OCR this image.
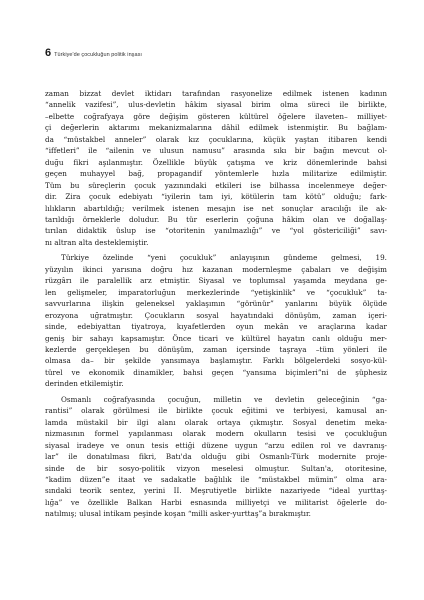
6 Türkiye'de çocukluğun politik inşası
zaman bizzat devlet iktidarı tarafından rasyonelize edilmek istenen kadının
“annelik vazifesi”, ulus-devletin hâkim siyasal birim olma süreci ile birlikte,
–elbette coğrafyaya göre değişim gösteren kültürel öğelere ilaveten– milliyet-
çi değerlerin aktarımı mekanizmalarına dâhil edilmek istenmiştir. Bu bağlam-
da “müstakbel anneler” olarak kız çocuklarına, küçük yaştan itibaren kendi
“iffetleri” ile “ailenin ve ulusun namusu” arasında sıkı bir bağın mevcut ol-
duğu fikri aşılanmıştır. Özellikle büyük çatışma ve kriz dönemlerinde bahsi
geçen muhayyel bağ, propagandif yöntemlerle hızla militarize edilmiştir.
Tüm bu süreçlerin çocuk yazınındaki etkileri ise bilhassa incelenmeye değer-
dir. Zira çocuk edebiyatı “iyilerin tam iyi, kötülerin tam kötü” olduğu; fark-
lılıkların abartıldığı; verilmek istenen mesajın ise net sonuçlar aracılığı ile ak-
tarıldığı örneklerle doludur. Bu tür eserlerin çoğuna hâkim olan ve doğallaş-
tırılan didaktik üslup ise “otoritenin yanılmazlığı” ve “yol göstericiliği” savı-
nı altran alta desteklemiştir.
Türkiye özelinde “yeni çocukluk” anlayışının gündeme gelmesi, 19.
yüzyılın ikinci yarısına doğru hız kazanan modernleşme çabaları ve değişim
rüzgârı ile paralellik arz etmiştir. Siyasal ve toplumsal yaşamda meydana ge-
len gelişmeler, imparatorluğun merkezlerinde “yetişkinlik” ve “çocukluk” ta-
savvurlarına ilişkin geleneksel yaklaşımın “görünür” yanlarını büyük ölçüde
erozyona uğratmıştır. Çocukların sosyal hayatındaki dönüşüm, zaman içeri-
sinde, edebiyattan tiyatroya, kıyafetlerden oyun mekân ve araçlarına kadar
geniş bir sahayı kapsamıştır. Önce ticari ve kültürel hayatın canlı olduğu mer-
kezlerde gerçekleşen bu dönüşüm, zaman içersinde taşraya –tüm yönleri ile
olmasa da– bir şekilde yansımaya başlamıştır. Farklı bölgelerdeki sosyo-kül-
türel ve ekonomik dinamikler, bahsi geçen “yansıma biçimleri”ni de şüphesiz
derinden etkilemiştir.
Osmanlı coğrafyasında çocuğun, milletin ve devletin geleceğinin “ga-
rantisi” olarak görülmesi ile birlikte çocuk eğitimi ve terbiyesi, kamusal an-
lamda müstakil bir ilgi alanı olarak ortaya çıkmıştır. Sosyal denetim meka-
nizmasının formel yapılanması olarak modern okulların tesisi ve çocukluğun
siyasal iradeye ve onun tesis ettiği düzene uygun “arzu edilen rol ve davranış-
lar” ile donatılması fikri, Batı'da olduğu gibi Osmanlı-Türk modernite proje-
sinde de bir sosyo-politik vizyon meselesi olmuştur. Sultan'a, otoritesine,
“kadim düzen”e itaat ve sadakatle bağlılık ile “müstakbel mümin” olma ara-
sındaki teorik sentez, yerini II. Meşrutiyetle birlikte nazariyede “ideal yurttaş-
lığa” ve özellikle Balkan Harbi esnasında milliyetçi ve militarist öğelerle do-
natılmış; ulusal intikam peşinde koşan “milli asker-yurttaş”a bırakmıştır.
